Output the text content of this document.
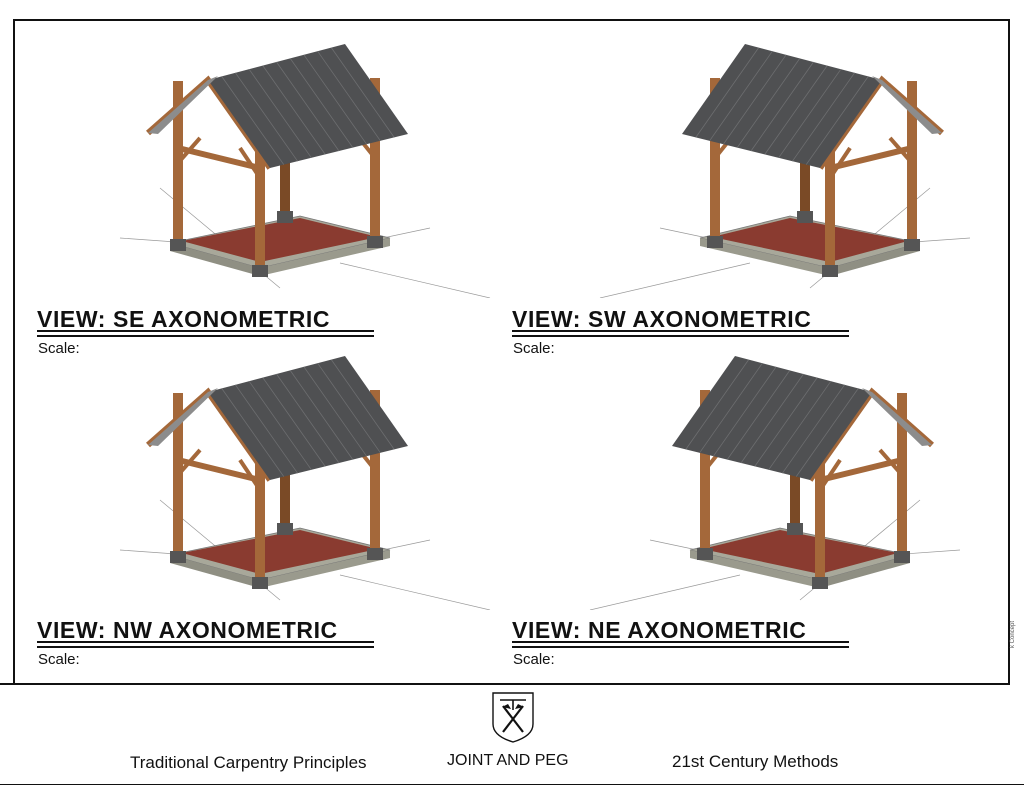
VIEW: SE AXONOMETRIC
Scale:
VIEW: SW AXONOMETRIC
Scale:
VIEW: NW AXONOMETRIC
Scale:
VIEW: NE AXONOMETRIC
Scale:
k Concept
Traditional Carpentry Principles	JOINT AND PEG	21st Century Methods
